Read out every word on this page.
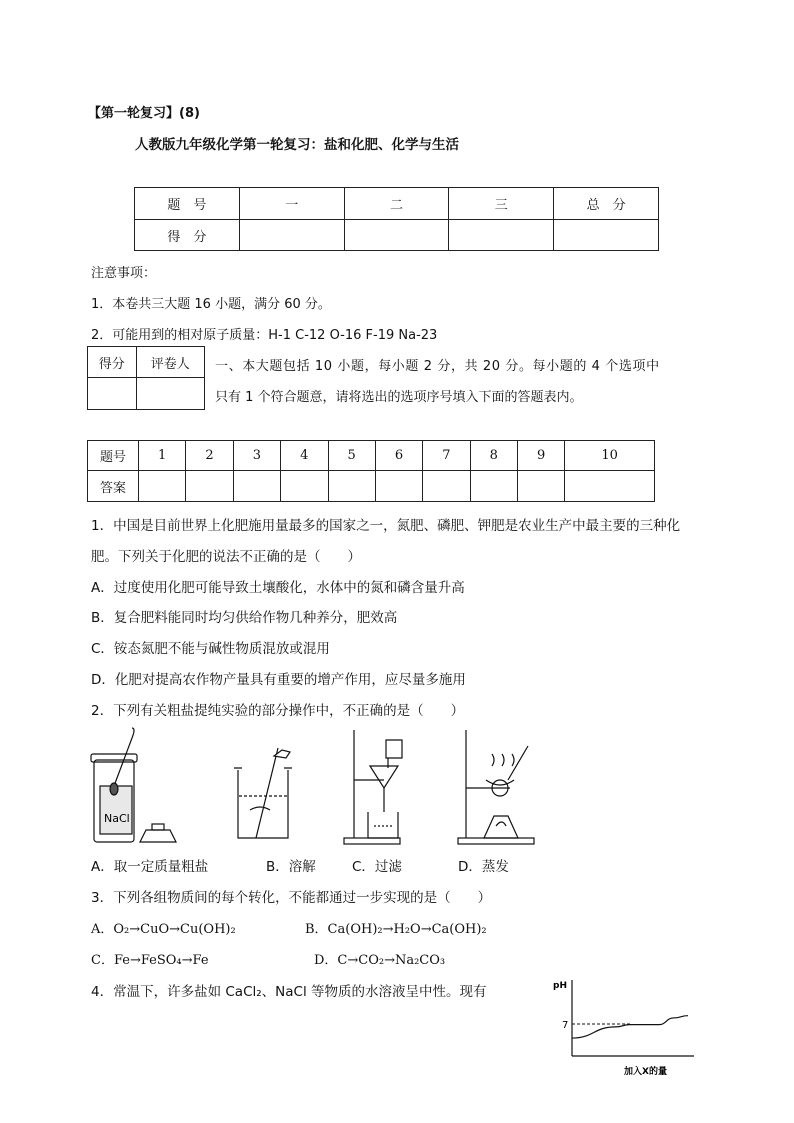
【第一轮复习】(8)
人教版九年级化学第一轮复习：盐和化肥、化学与生活
题　号	一	二	三	总　分
得　分				
注意事项：
1．本卷共三大题 16 小题，满分 60 分。
2．可能用到的相对原子质量：H-1 C-12 O-16 F-19 Na-23
得分	评卷人
	一、本大题包括 10 小题，每小题 2 分，共 20 分。每小题的 4 个选项中
只有 1 个符合题意，请将选出的选项序号填入下面的答题表内。
题号	1	2	3	4	5	6	7	8	9	10
答案										
1．中国是目前世界上化肥施用量最多的国家之一，氮肥、磷肥、钾肥是农业生产中最主要的三种化
肥。下列关于化肥的说法不正确的是（　　）
A．过度使用化肥可能导致土壤酸化，水体中的氮和磷含量升高
B．复合肥料能同时均匀供给作物几种养分，肥效高
C．铵态氮肥不能与碱性物质混放或混用
D．化肥对提高农作物产量具有重要的增产作用，应尽量多施用
2．下列有关粗盐提纯实验的部分操作中，不正确的是（　　）
NaCl
A．取一定质量粗盐	B．溶解	C．过滤	D．蒸发
3．下列各组物质间的每个转化，不能都通过一步实现的是（　　）
A．O₂→CuO→Cu(OH)₂	B．Ca(OH)₂→H₂O→Ca(OH)₂
C．Fe→FeSO₄→Fe	D．C→CO₂→Na₂CO₃
4．常温下，许多盐如 CaCl₂、NaCl 等物质的水溶液呈中性。现有	pH
7
加入X的量
